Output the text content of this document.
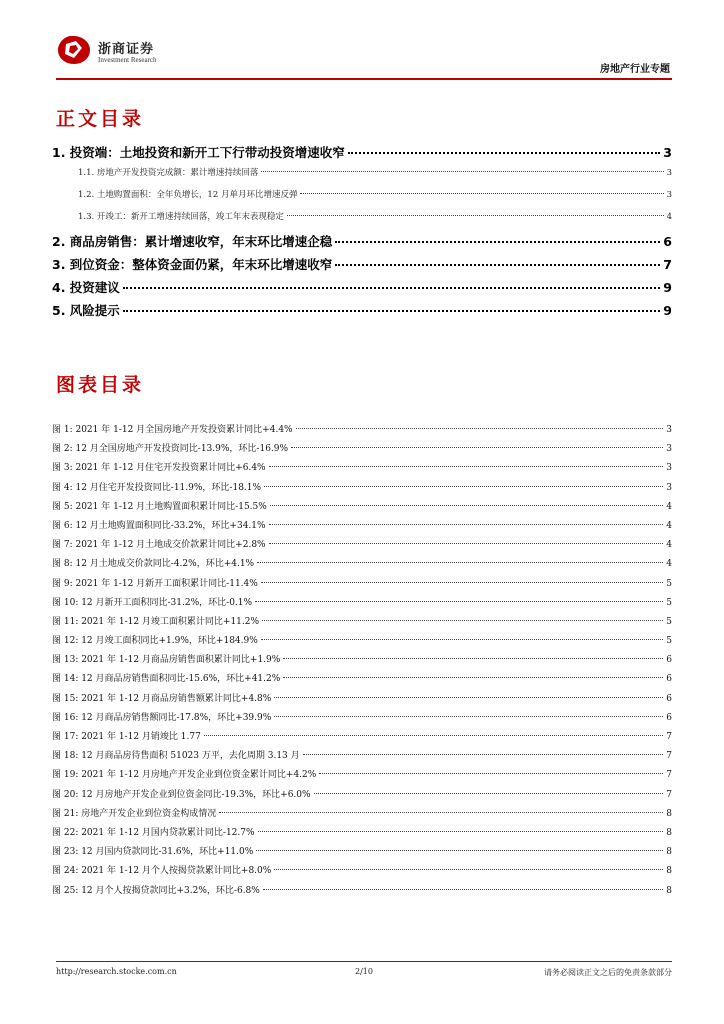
浙商证券
Investment Research
房地产行业专题
正文目录
1. 投资端：土地投资和新开工下行带动投资增速收窄	3
1.1. 房地产开发投资完成额：累计增速持续回落	3
1.2. 土地购置面积：全年负增长，12 月单月环比增速反弹	3
1.3. 开竣工：新开工增速持续回落，竣工年末表现稳定	4
2. 商品房销售：累计增速收窄，年末环比增速企稳	6
3. 到位资金：整体资金面仍紧，年末环比增速收窄	7
4. 投资建议	9
5. 风险提示	9
图表目录
图 1: 2021 年 1-12 月全国房地产开发投资累计同比+4.4%	3
图 2: 12 月全国房地产开发投资同比-13.9%，环比-16.9%	3
图 3: 2021 年 1-12 月住宅开发投资累计同比+6.4%	3
图 4: 12 月住宅开发投资同比-11.9%，环比-18.1%	3
图 5: 2021 年 1-12 月土地购置面积累计同比-15.5%	4
图 6: 12 月土地购置面积同比-33.2%，环比+34.1%	4
图 7: 2021 年 1-12 月土地成交价款累计同比+2.8%	4
图 8: 12 月土地成交价款同比-4.2%，环比+4.1%	4
图 9: 2021 年 1-12 月新开工面积累计同比-11.4%	5
图 10: 12 月新开工面积同比-31.2%，环比-0.1%	5
图 11: 2021 年 1-12 月竣工面积累计同比+11.2%	5
图 12: 12 月竣工面积同比+1.9%，环比+184.9%	5
图 13: 2021 年 1-12 月商品房销售面积累计同比+1.9%	6
图 14: 12 月商品房销售面积同比-15.6%，环比+41.2%	6
图 15: 2021 年 1-12 月商品房销售额累计同比+4.8%	6
图 16: 12 月商品房销售额同比-17.8%，环比+39.9%	6
图 17: 2021 年 1-12 月销竣比 1.77	7
图 18: 12 月商品房待售面积 51023 万平，去化周期 3.13 月	7
图 19: 2021 年 1-12 月房地产开发企业到位资金累计同比+4.2%	7
图 20: 12 月房地产开发企业到位资金同比-19.3%，环比+6.0%	7
图 21: 房地产开发企业到位资金构成情况	8
图 22: 2021 年 1-12 月国内贷款累计同比-12.7%	8
图 23: 12 月国内贷款同比-31.6%，环比+11.0%	8
图 24: 2021 年 1-12 月个人按揭贷款累计同比+8.0%	8
图 25: 12 月个人按揭贷款同比+3.2%，环比-6.8%	8
http://research.stocke.com.cn	2/10	请务必阅读正文之后的免责条款部分
